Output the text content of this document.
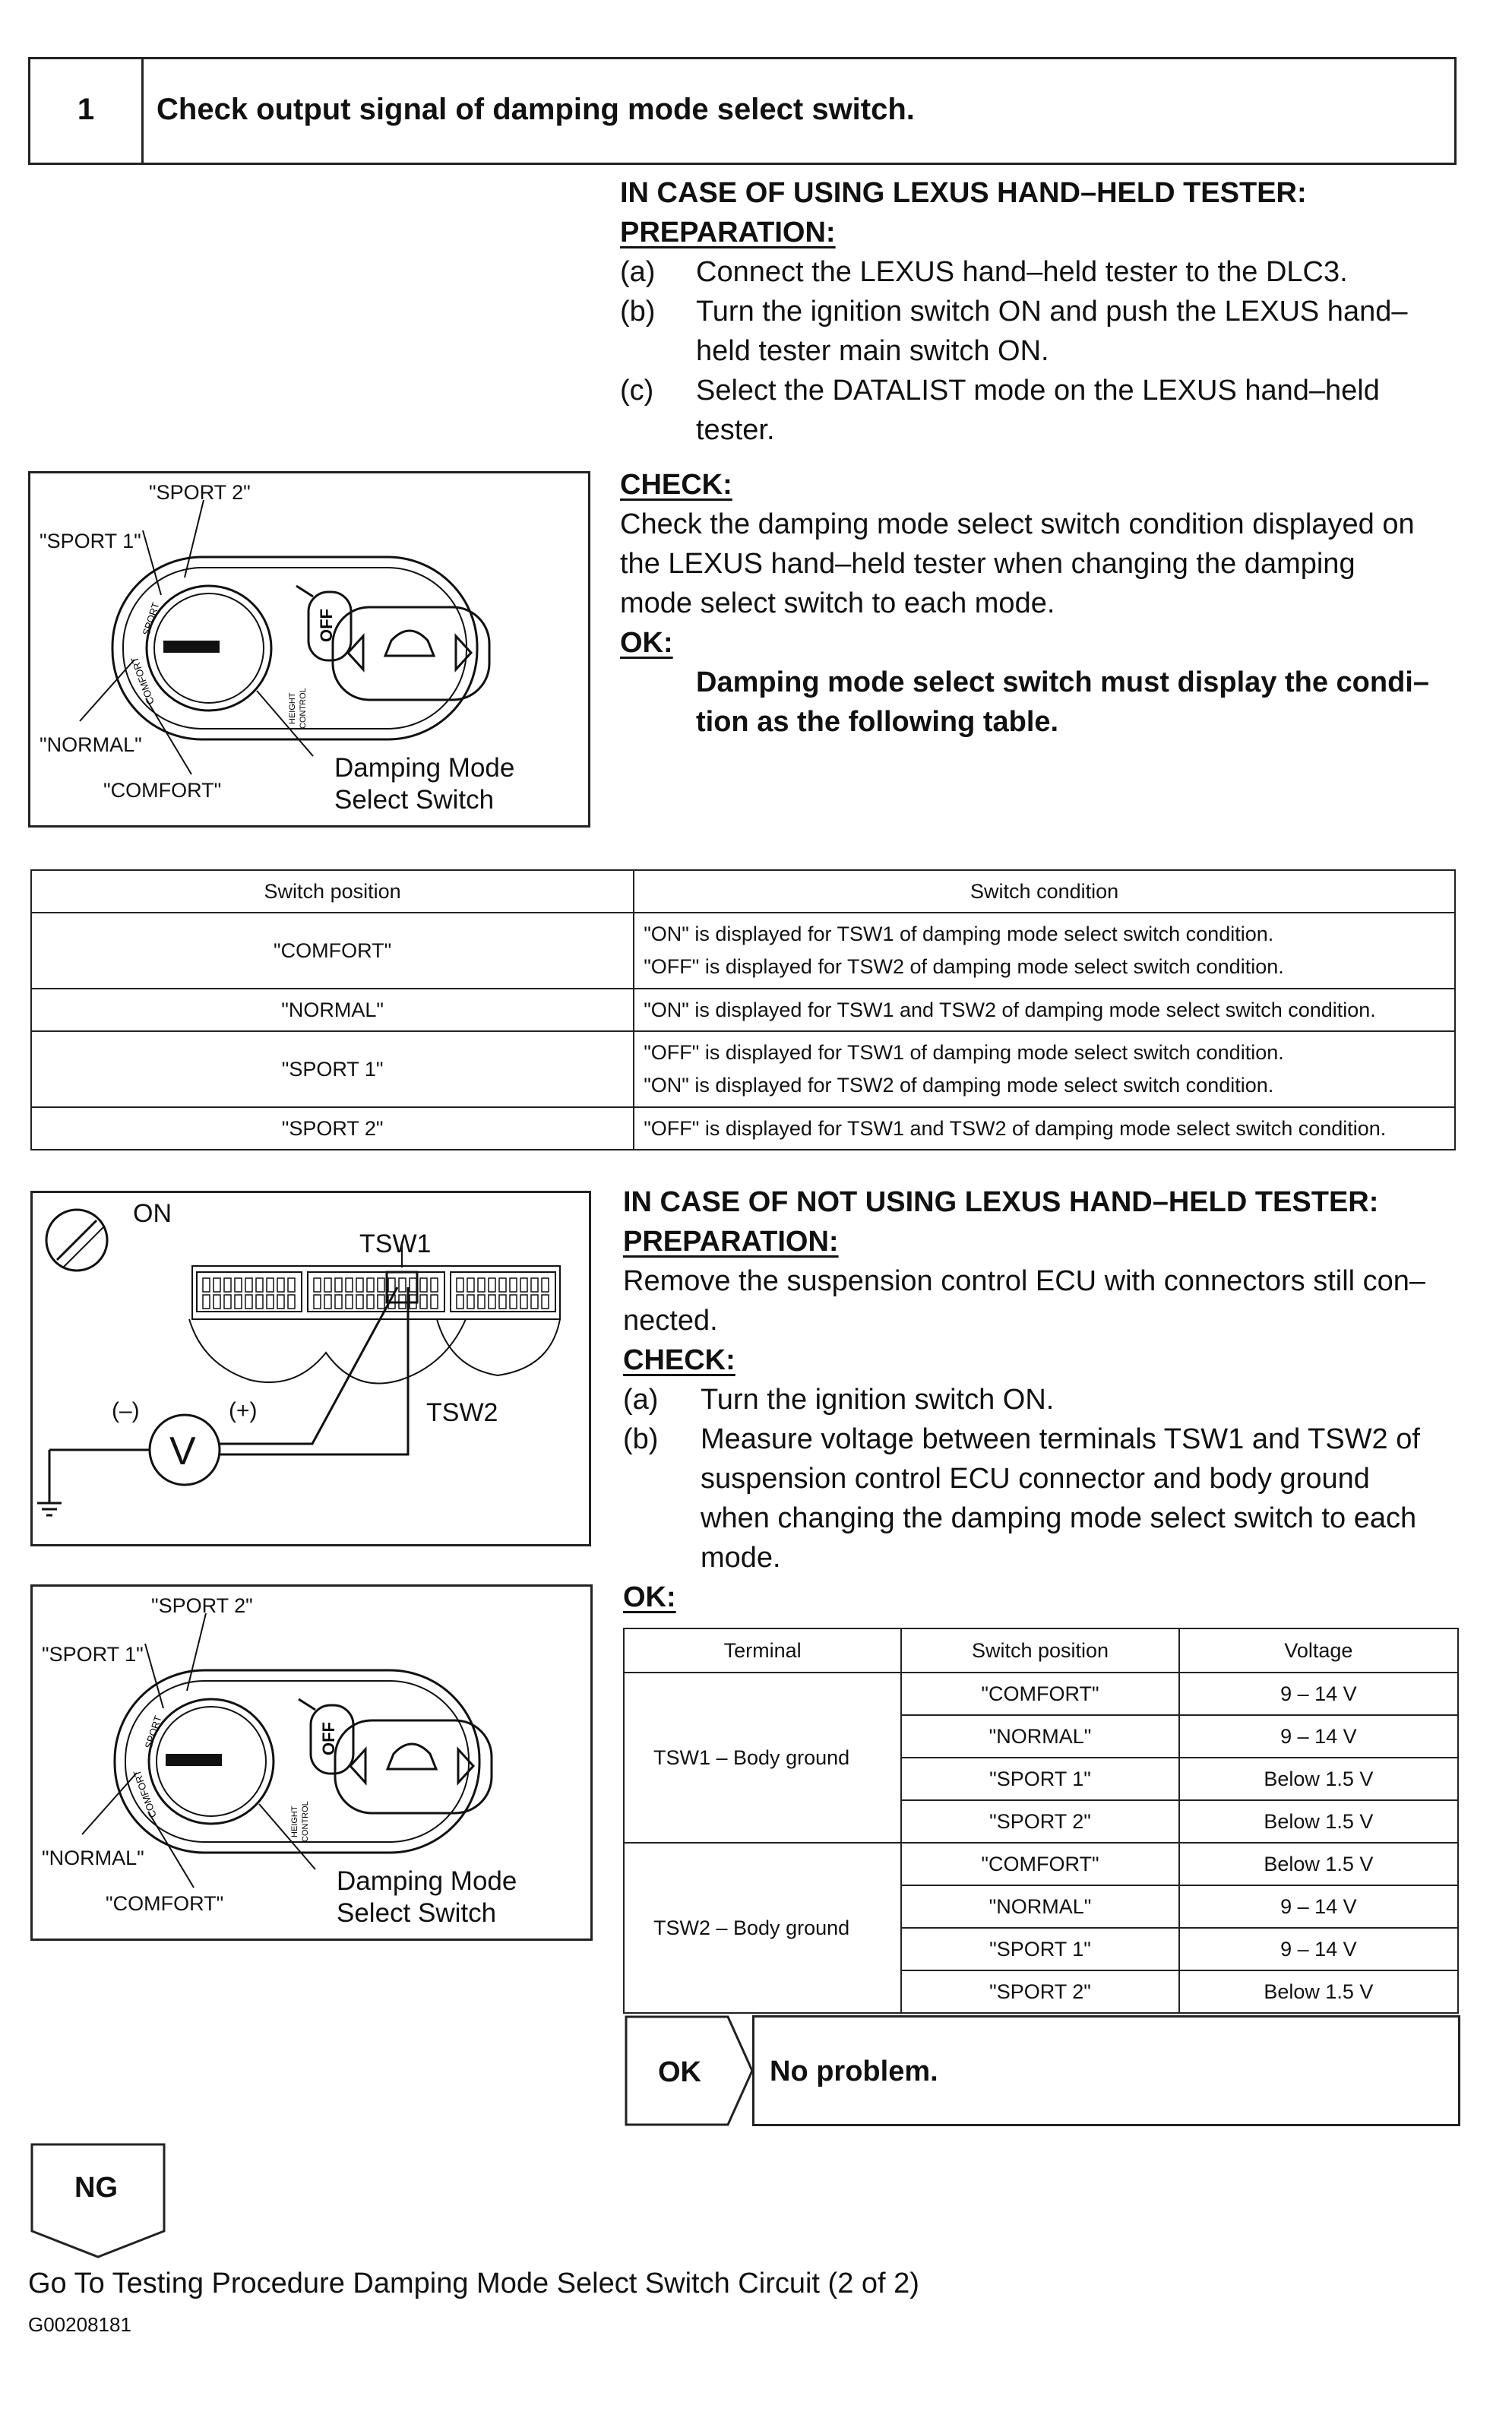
1	Check output signal of damping mode select switch.
IN CASE OF USING LEXUS HAND–HELD TESTER:
PREPARATION:
(a) Connect the LEXUS hand–held tester to the DLC3.
(b) Turn the ignition switch ON and push the LEXUS hand–
held tester main switch ON.
(c) Select the DATALIST mode on the LEXUS hand–held
tester.
CHECK:
Check the damping mode select switch condition displayed on
the LEXUS hand–held tester when changing the damping
mode select switch to each mode.
OK:
Damping mode select switch must display the condi–
tion as the following table.
OFF
HEIGHT CONTROL
SPORT
COMFORT
"SPORT 2"
"SPORT 1"
"NORMAL"
"COMFORT"
Damping Mode
Select Switch
Switch position	Switch condition
"COMFORT"	"ON" is displayed for TSW1 of damping mode select switch condition.
"OFF" is displayed for TSW2 of damping mode select switch condition.

"NORMAL"	"ON" is displayed for TSW1 and TSW2 of damping mode select switch condition.

"SPORT 1"	"OFF" is displayed for TSW1 of damping mode select switch condition.
"ON" is displayed for TSW2 of damping mode select switch condition.

"SPORT 2"	"OFF" is displayed for TSW1 and TSW2 of damping mode select switch condition.
ON
TSW1
TSW2
(–)	(+)
V
OFF
HEIGHT CONTROL
SPORT
COMFORT
"SPORT 2"
"SPORT 1"
"NORMAL"
"COMFORT"
Damping Mode
Select Switch
IN CASE OF NOT USING LEXUS HAND–HELD TESTER:
PREPARATION:
Remove the suspension control ECU with connectors still con–
nected.
CHECK:
(a) Turn the ignition switch ON.
(b) Measure voltage between terminals TSW1 and TSW2 of
suspension control ECU connector and body ground
when changing the damping mode select switch to each
mode.
OK:
Terminal	Switch position	Voltage
TSW1 – Body ground	"COMFORT"	9 – 14 V
	"NORMAL"	9 – 14 V
	"SPORT 1"	Below 1.5 V
	"SPORT 2"	Below 1.5 V
TSW2 – Body ground	"COMFORT"	Below 1.5 V
	"NORMAL"	9 – 14 V
	"SPORT 1"	9 – 14 V
	"SPORT 2"	Below 1.5 V
OK No problem.
NG
Go To Testing Procedure Damping Mode Select Switch Circuit (2 of 2)
G00208181
